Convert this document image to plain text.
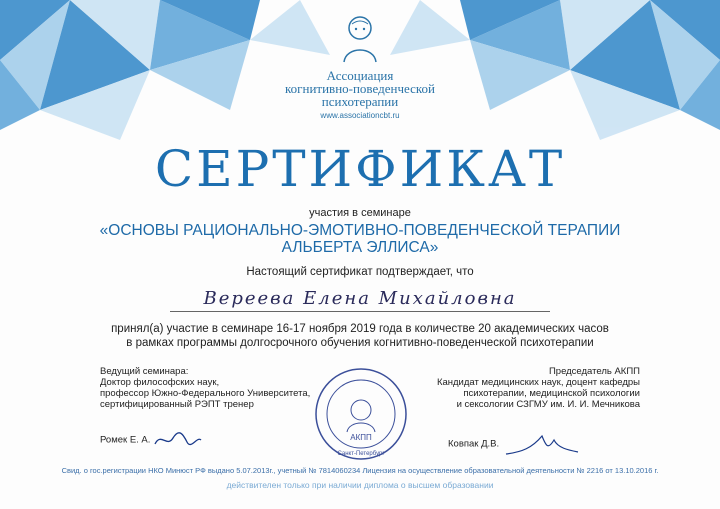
Ассоциация
когнитивно-поведенческой
психотерапии
www.associationcbt.ru
СЕРТИФИКАТ
участия в семинаре
«ОСНОВЫ РАЦИОНАЛЬНО-ЭМОТИВНО-ПОВЕДЕНЧЕСКОЙ ТЕРАПИИ
АЛЬБЕРТА ЭЛЛИСА»
Настоящий сертификат подтверждает, что
Вереева Елена Михайловна
принял(а) участие в семинаре 16-17 ноября 2019 года в количестве 20 академических часов
в рамках программы долгосрочного обучения когнитивно-поведенческой психотерапии
Ведущий семинара:
Доктор философских наук,
профессор Южно-Федерального Университета,
сертифицированный РЭПТ тренер
Ромек Е. А.	АКПП
Санкт-Петербург
Председатель АКПП
Кандидат медицинских наук, доцент кафедры
психотерапии, медицинской психологии
и сексологии СЗГМУ им. И. И. Мечникова
Ковпак Д.В.
Свид. о гос.регистрации НКО Минюст РФ выдано 5.07.2013г., учетный № 7814060234 Лицензия на осуществление образовательной деятельности № 2216 от 13.10.2016 г.
действителен только при наличии диплома о высшем образовании
